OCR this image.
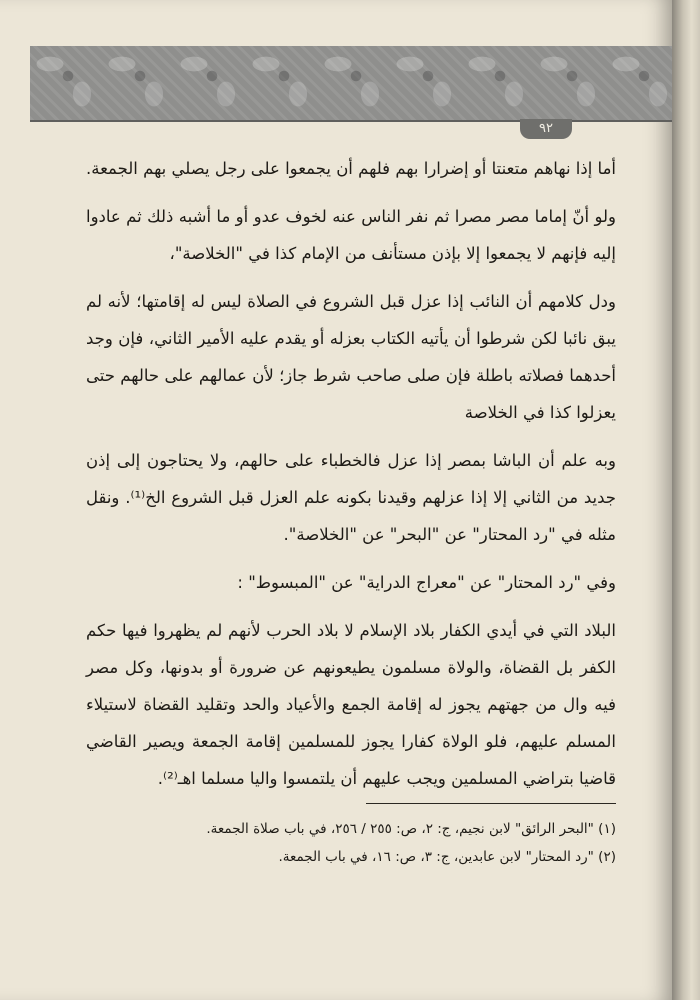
٩٢

أما إذا نهاهم متعنتا أو إضرارا بهم فلهم أن يجمعوا على رجل يصلي بهم الجمعة.

ولو أنّ إماما مصر مصرا ثم نفر الناس عنه لخوف عدو أو ما أشبه ذلك ثم عادوا إليه فإنهم لا يجمعوا إلا بإذن مستأنف من الإمام كذا في "الخلاصة"،

ودل كلامهم أن النائب إذا عزل قبل الشروع في الصلاة ليس له إقامتها؛ لأنه لم يبق نائبا لكن شرطوا أن يأتيه الكتاب بعزله أو يقدم عليه الأمير الثاني، فإن وجد أحدهما فصلاته باطلة فإن صلى صاحب شرط جاز؛ لأن عمالهم على حالهم حتى يعزلوا كذا في الخلاصة

وبه علم أن الباشا بمصر إذا عزل فالخطباء على حالهم، ولا يحتاجون إلى إذن جديد من الثاني إلا إذا عزلهم وقيدنا بكونه علم العزل قبل الشروع الخ⁽¹⁾. ونقل مثله في "رد المحتار" عن "البحر" عن "الخلاصة".

وفي "رد المحتار" عن "معراج الدراية" عن "المبسوط" :

البلاد التي في أيدي الكفار بلاد الإسلام لا بلاد الحرب لأنهم لم يظهروا فيها حكم الكفر بل القضاة، والولاة مسلمون يطيعونهم عن ضرورة أو بدونها، وكل مصر فيه وال من جهتهم يجوز له إقامة الجمع والأعياد والحد وتقليد القضاة لاستيلاء المسلم عليهم، فلو الولاة كفارا يجوز للمسلمين إقامة الجمعة ويصير القاضي قاضيا بتراضي المسلمين ويجب عليهم أن يلتمسوا واليا مسلما اهـ⁽²⁾.

(١) "البحر الرائق" لابن نجيم، ج: ٢، ص: ٢٥٥ / ٢٥٦، في باب صلاة الجمعة.

(٢) "رد المحتار" لابن عابدين، ج: ٣، ص: ١٦، في باب الجمعة.
